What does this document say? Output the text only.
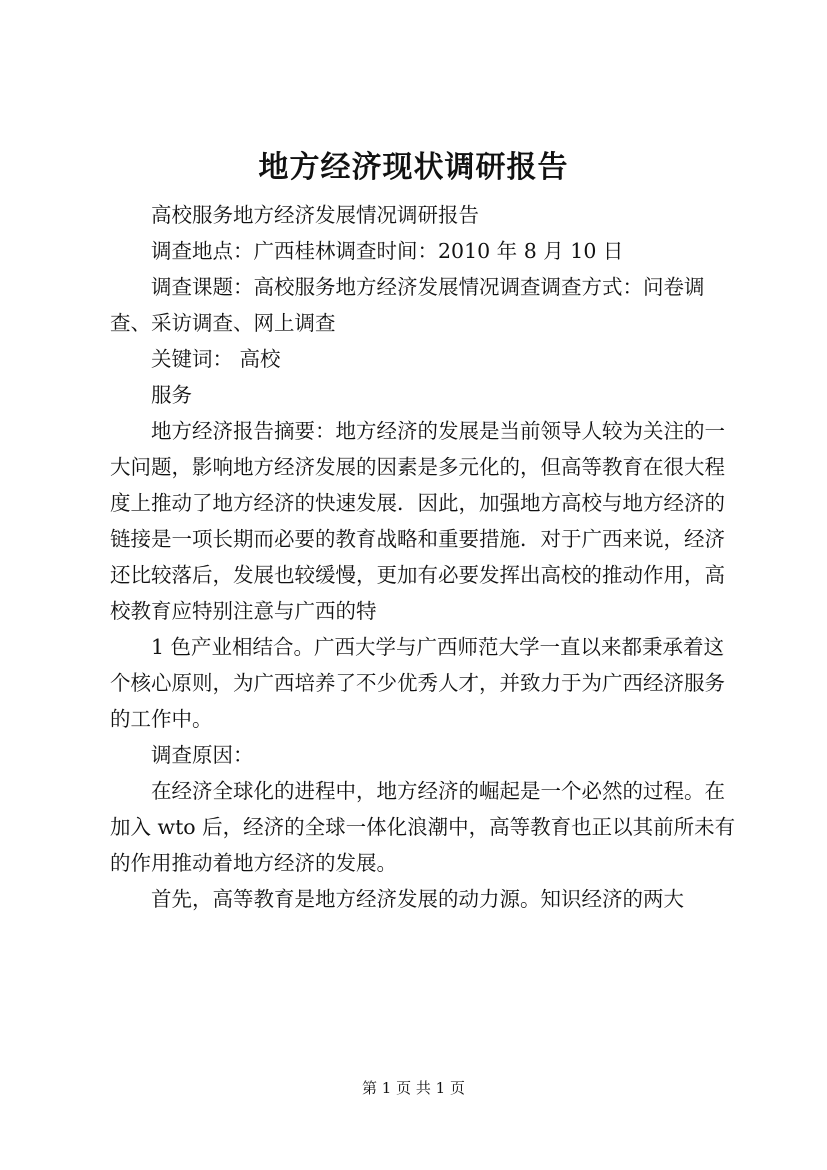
地方经济现状调研报告

高校服务地方经济发展情况调研报告

调查地点：广西桂林调查时间：2010 年 8 月 10 日

调查课题：高校服务地方经济发展情况调查调查方式：问卷调查、采访调查、网上调查

关键词： 高校

服务

地方经济报告摘要：地方经济的发展是当前领导人较为关注的一大问题，影响地方经济发展的因素是多元化的，但高等教育在很大程度上推动了地方经济的快速发展．因此，加强地方高校与地方经济的链接是一项长期而必要的教育战略和重要措施．对于广西来说，经济还比较落后，发展也较缓慢，更加有必要发挥出高校的推动作用，高校教育应特别注意与广西的特

1 色产业相结合。广西大学与广西师范大学一直以来都秉承着这个核心原则，为广西培养了不少优秀人才，并致力于为广西经济服务的工作中。

调查原因：

在经济全球化的进程中，地方经济的崛起是一个必然的过程。在加入 wto 后，经济的全球一体化浪潮中，高等教育也正以其前所未有的作用推动着地方经济的发展。

首先，高等教育是地方经济发展的动力源。知识经济的两大

第 1 页 共 1 页
